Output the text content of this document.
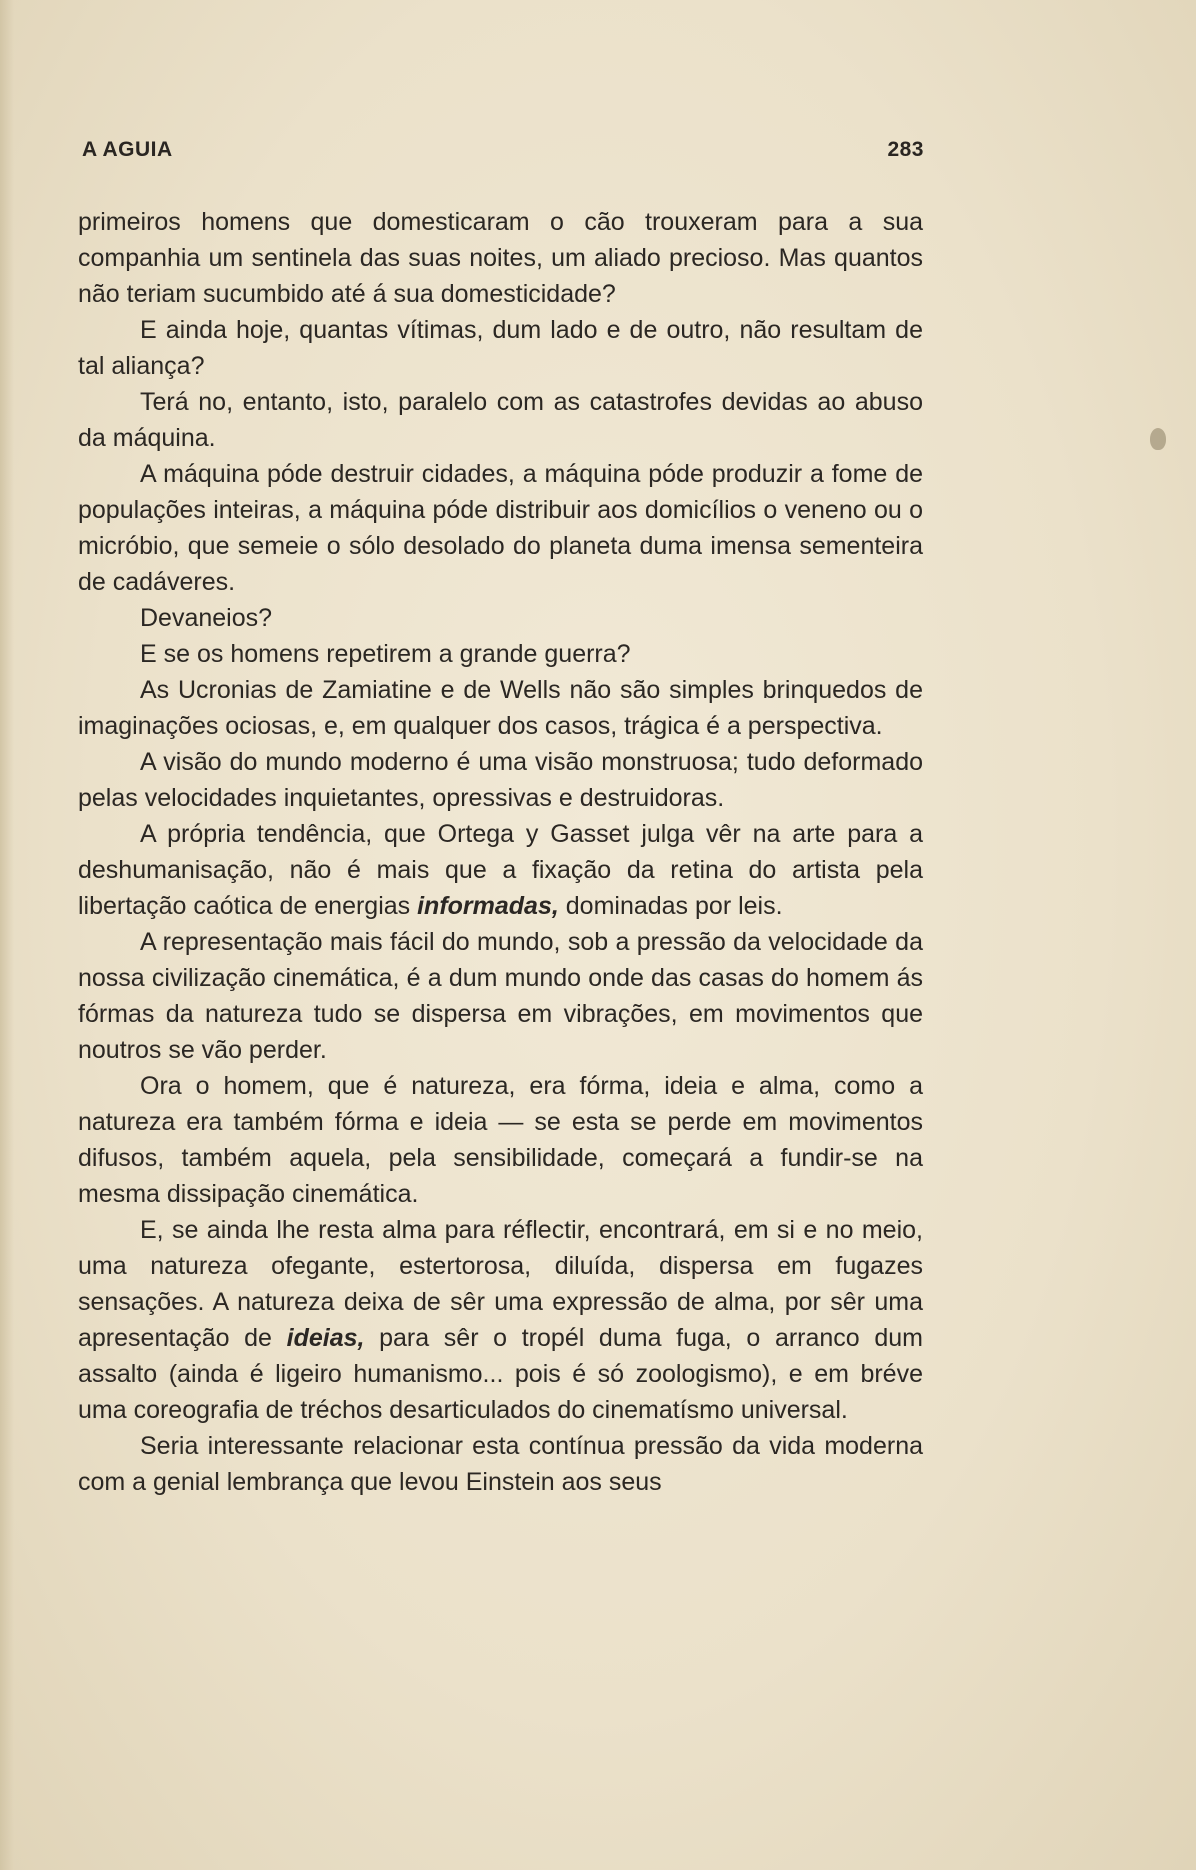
A AGUIA	283

primeiros homens que domesticaram o cão trouxeram para a sua companhia um sentinela das suas noites, um aliado precioso. Mas quantos não teriam sucumbido até á sua domesticidade?

E ainda hoje, quantas vítimas, dum lado e de outro, não resultam de tal aliança?

Terá no, entanto, isto, paralelo com as catastrofes devidas ao abuso da máquina.

A máquina póde destruir cidades, a máquina póde produzir a fome de populações inteiras, a máquina póde distribuir aos domicílios o veneno ou o micróbio, que semeie o sólo desolado do planeta duma imensa sementeira de cadáveres.

Devaneios?

E se os homens repetirem a grande guerra?

As Ucronias de Zamiatine e de Wells não são simples brinquedos de imaginações ociosas, e, em qualquer dos casos, trágica é a perspectiva.

A visão do mundo moderno é uma visão monstruosa; tudo deformado pelas velocidades inquietantes, opressivas e destruidoras.

A própria tendência, que Ortega y Gasset julga vêr na arte para a deshumanisação, não é mais que a fixação da retina do artista pela libertação caótica de energias informadas, dominadas por leis.

A representação mais fácil do mundo, sob a pressão da velocidade da nossa civilização cinemática, é a dum mundo onde das casas do homem ás fórmas da natureza tudo se dispersa em vibrações, em movimentos que noutros se vão perder.

Ora o homem, que é natureza, era fórma, ideia e alma, como a natureza era também fórma e ideia — se esta se perde em movimentos difusos, também aquela, pela sensibilidade, começará a fundir-se na mesma dissipação cinemática.

E, se ainda lhe resta alma para réflectir, encontrará, em si e no meio, uma natureza ofegante, estertorosa, diluída, dispersa em fugazes sensações. A natureza deixa de sêr uma expressão de alma, por sêr uma apresentação de ideias, para sêr o tropél duma fuga, o arranco dum assalto (ainda é ligeiro humanismo... pois é só zoologismo), e em bréve uma coreografia de tréchos desarticulados do cinematísmo universal.

Seria interessante relacionar esta contínua pressão da vida moderna com a genial lembrança que levou Einstein aos seus
